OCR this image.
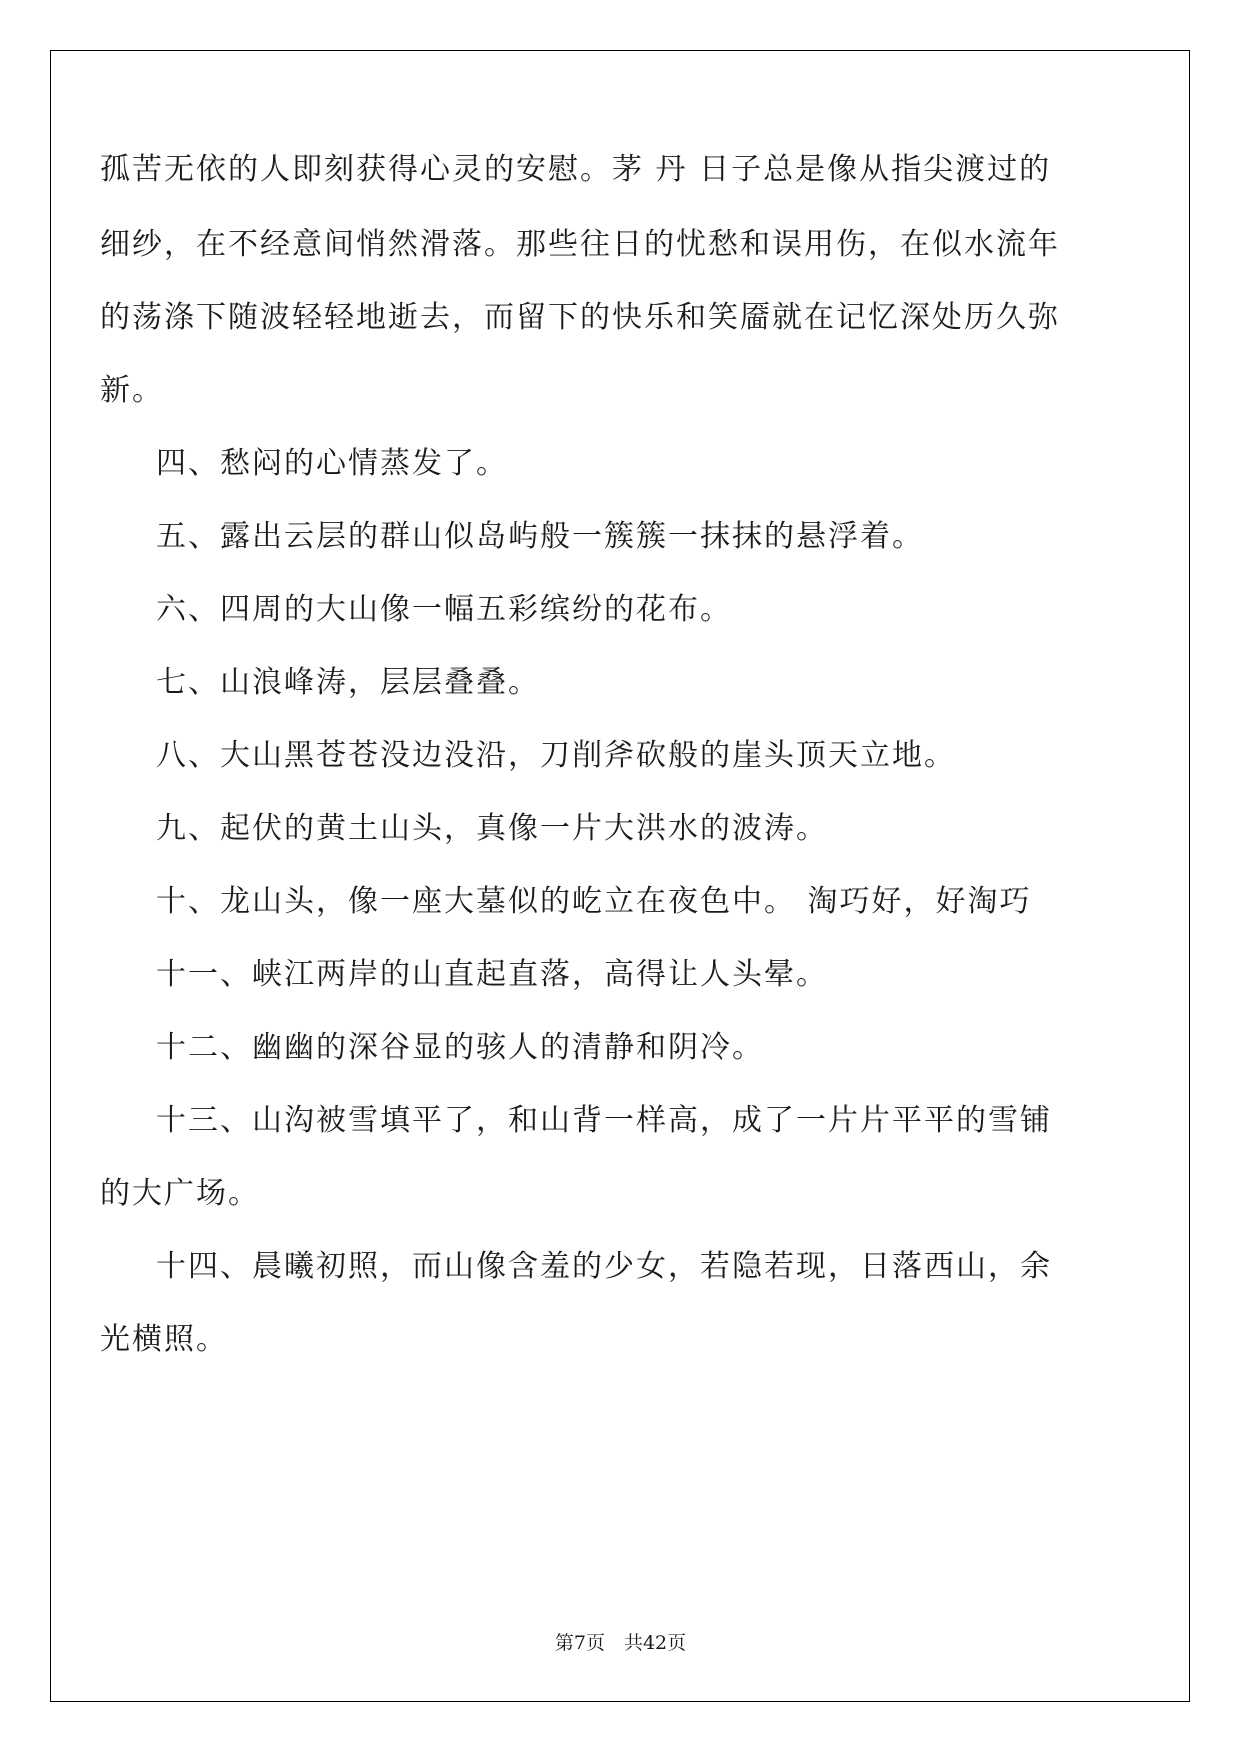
孤苦无依的人即刻获得心灵的安慰。茅 丹 日子总是像从指尖渡过的
细纱，在不经意间悄然滑落。那些往日的忧愁和误用伤，在似水流年
的荡涤下随波轻轻地逝去，而留下的快乐和笑靥就在记忆深处历久弥
新。
四、愁闷的心情蒸发了。
五、露出云层的群山似岛屿般一簇簇一抹抹的悬浮着。
六、四周的大山像一幅五彩缤纷的花布。
七、山浪峰涛，层层叠叠。
八、大山黑苍苍没边没沿，刀削斧砍般的崖头顶天立地。
九、起伏的黄土山头，真像一片大洪水的波涛。
十、龙山头，像一座大墓似的屹立在夜色中。 淘巧好，好淘巧
十一、峡江两岸的山直起直落，高得让人头晕。
十二、幽幽的深谷显的骇人的清静和阴冷。
十三、山沟被雪填平了，和山背一样高，成了一片片平平的雪铺
的大广场。
十四、晨曦初照，而山像含羞的少女，若隐若现，日落西山，余
光横照。
第7页　共42页
